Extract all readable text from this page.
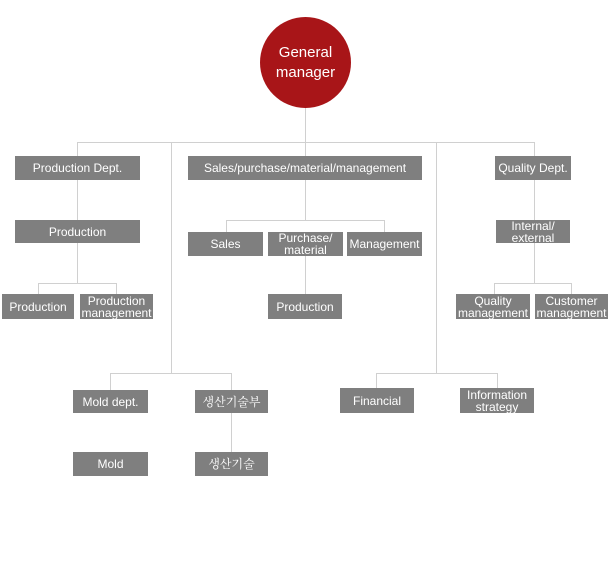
General
manager
Production Dept.	Sales/purchase/material/management	Quality Dept.
Production
Sales	Purchase/
material	Management
Internal/
external
Production	Production
management	Production	Quality
management
Customer
management
Mold dept.	생산기술부	Financial	Information
strategy
Mold	생산기술
